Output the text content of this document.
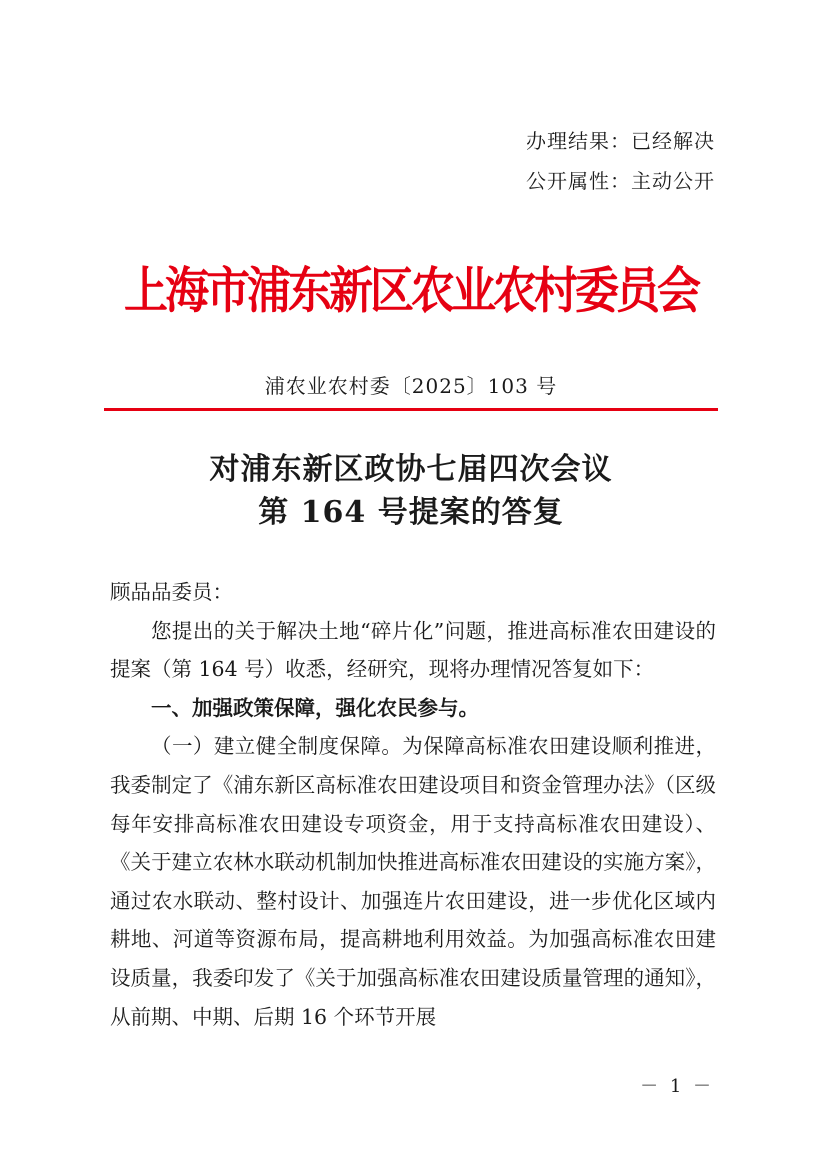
办理结果：已经解决
公开属性：主动公开
上海市浦东新区农业农村委员会
浦农业农村委〔2025〕103 号
对浦东新区政协七届四次会议
第 164 号提案的答复

顾品品委员：

您提出的关于解决土地“碎片化”问题，推进高标准农田建设的提案（第 164 号）收悉，经研究，现将办理情况答复如下：

一、加强政策保障，强化农民参与。

（一）建立健全制度保障。为保障高标准农田建设顺利推进，我委制定了《浦东新区高标准农田建设项目和资金管理办法》（区级每年安排高标准农田建设专项资金，用于支持高标准农田建设）、《关于建立农林水联动机制加快推进高标准农田建设的实施方案》，通过农水联动、整村设计、加强连片农田建设，进一步优化区域内耕地、河道等资源布局，提高耕地利用效益。为加强高标准农田建设质量，我委印发了《关于加强高标准农田建设质量管理的通知》，从前期、中期、后期 16 个环节开展

－ 1 －
